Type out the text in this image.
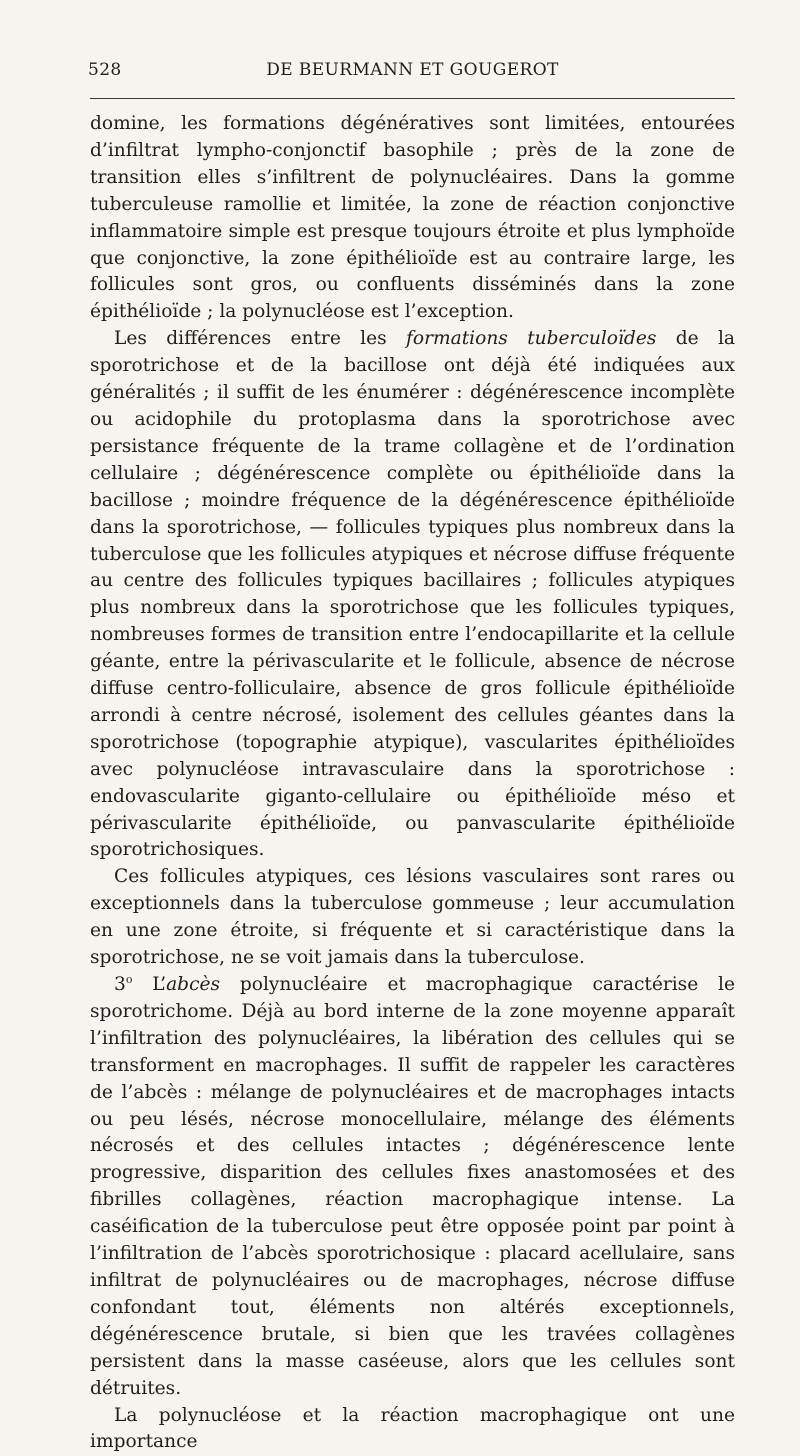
528	DE BEURMANN ET GOUGEROT

domine, les formations dégénératives sont limitées, entourées d’infiltrat lympho-conjonctif basophile ; près de la zone de transition elles s’infiltrent de polynucléaires. Dans la gomme tuberculeuse ramollie et limitée, la zone de réaction conjonctive inflammatoire simple est presque toujours étroite et plus lymphoïde que conjonctive, la zone épithélioïde est au contraire large, les follicules sont gros, ou confluents disséminés dans la zone épithélioïde ; la polynucléose est l’exception.

Les différences entre les formations tuberculoïdes de la sporotrichose et de la bacillose ont déjà été indiquées aux généralités ; il suffit de les énumérer : dégénérescence incomplète ou acidophile du protoplasma dans la sporotrichose avec persistance fréquente de la trame collagène et de l’ordination cellulaire ; dégénérescence complète ou épithélioïde dans la bacillose ; moindre fréquence de la dégénérescence épithélioïde dans la sporotrichose, — follicules typiques plus nombreux dans la tuberculose que les follicules atypiques et nécrose diffuse fréquente au centre des follicules typiques bacillaires ; follicules atypiques plus nombreux dans la sporotrichose que les follicules typiques, nombreuses formes de transition entre l’endocapillarite et la cellule géante, entre la périvascularite et le follicule, absence de nécrose diffuse centro-folliculaire, absence de gros follicule épithélioïde arrondi à centre nécrosé, isolement des cellules géantes dans la sporotrichose (topographie atypique), vascularites épithélioïdes avec polynucléose intravasculaire dans la sporotrichose : endovascularite giganto-cellulaire ou épithélioïde méso et périvascularite épithélioïde, ou panvascularite épithélioïde sporotrichosiques.

Ces follicules atypiques, ces lésions vasculaires sont rares ou exceptionnels dans la tuberculose gommeuse ; leur accumulation en une zone étroite, si fréquente et si caractéristique dans la sporotrichose, ne se voit jamais dans la tuberculose.

3$^o$ L’abcès polynucléaire et macrophagique caractérise le sporotrichome. Déjà au bord interne de la zone moyenne apparaît l’infiltration des polynucléaires, la libération des cellules qui se transforment en macrophages. Il suffit de rappeler les caractères de l’abcès : mélange de polynucléaires et de macrophages intacts ou peu lésés, nécrose monocellulaire, mélange des éléments nécrosés et des cellules intactes ; dégénérescence lente progressive, disparition des cellules fixes anastomosées et des fibrilles collagènes, réaction macrophagique intense. La caséification de la tuberculose peut être opposée point par point à l’infiltration de l’abcès sporotrichosique : placard acellulaire, sans infiltrat de polynucléaires ou de macrophages, nécrose diffuse confondant tout, éléments non altérés exceptionnels, dégénérescence brutale, si bien que les travées collagènes persistent dans la masse caséeuse, alors que les cellules sont détruites.

La polynucléose et la réaction macrophagique ont une importance
